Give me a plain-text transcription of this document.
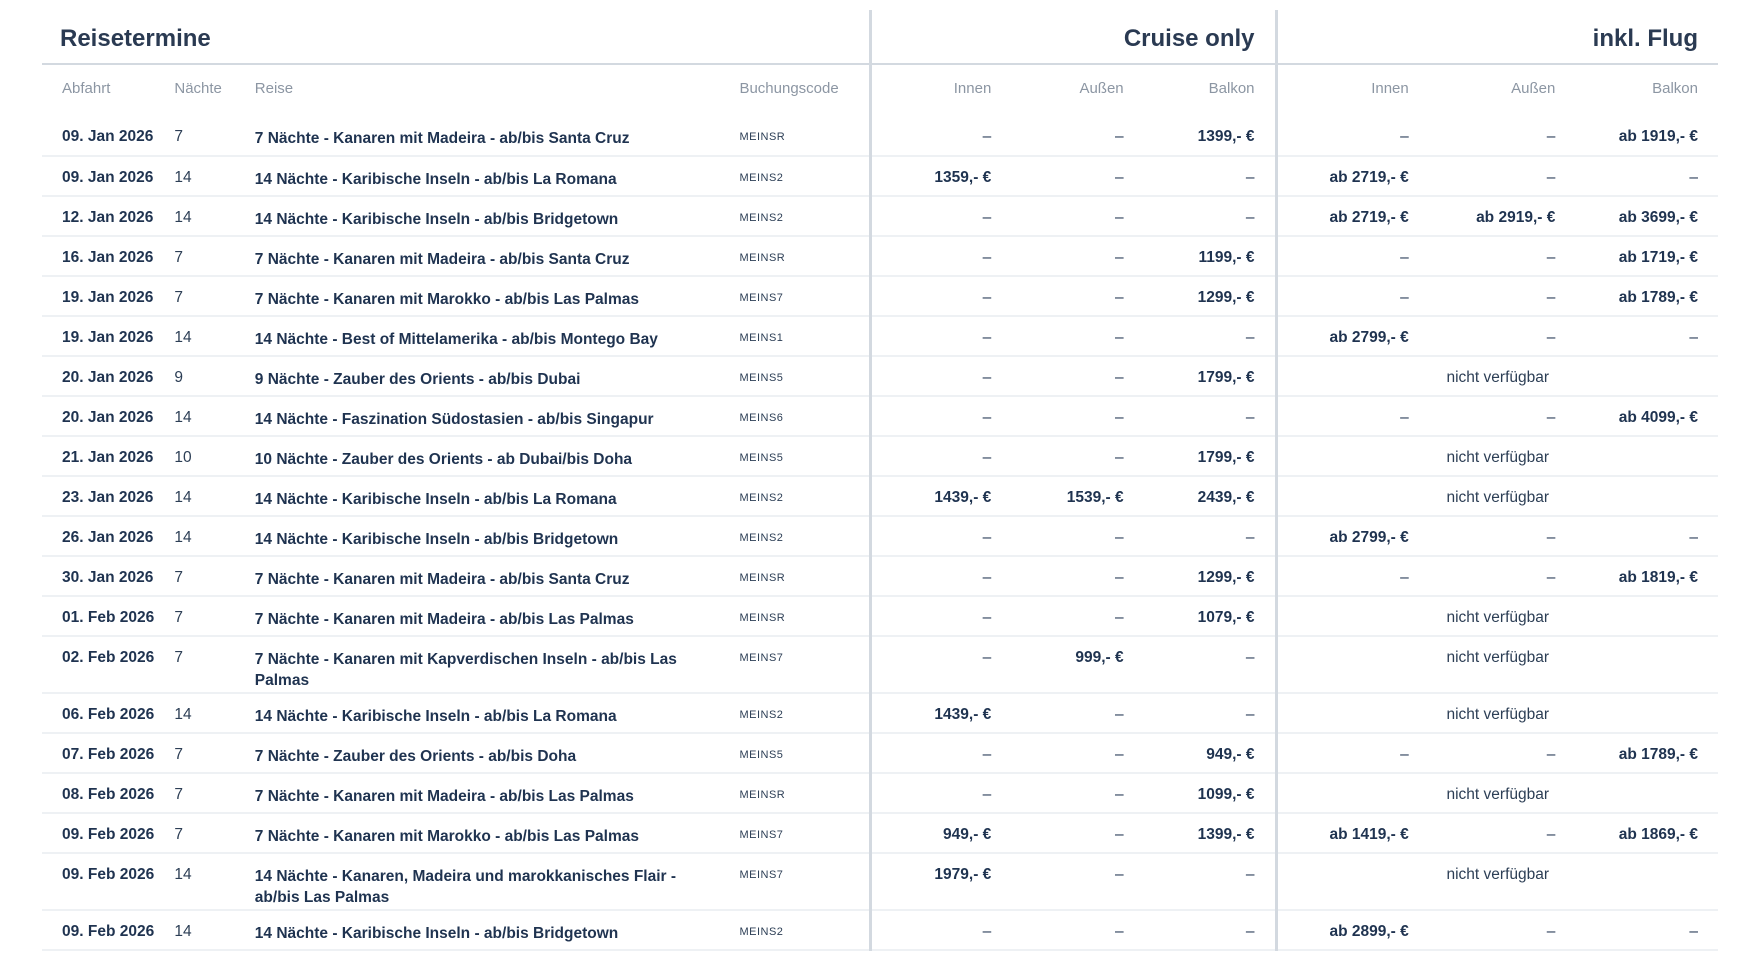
Reisetermine				Cruise only			inkl. Flug		
Abfahrt	Nächte	Reise	Buchungscode	Innen	Außen	Balkon	Innen	Außen	Balkon
09. Jan 2026	7	7 Nächte - Kanaren mit Madeira - ab/bis Santa Cruz	MEINSR	–	–	1399,- €	–	–	ab 1919,- €
09. Jan 2026	14	14 Nächte - Karibische Inseln - ab/bis La Romana	MEINS2	1359,- €	–	–	ab 2719,- €	–	–
12. Jan 2026	14	14 Nächte - Karibische Inseln - ab/bis Bridgetown	MEINS2	–	–	–	ab 2719,- €	ab 2919,- €	ab 3699,- €
16. Jan 2026	7	7 Nächte - Kanaren mit Madeira - ab/bis Santa Cruz	MEINSR	–	–	1199,- €	–	–	ab 1719,- €
19. Jan 2026	7	7 Nächte - Kanaren mit Marokko - ab/bis Las Palmas	MEINS7	–	–	1299,- €	–	–	ab 1789,- €
19. Jan 2026	14	14 Nächte - Best of Mittelamerika - ab/bis Montego Bay	MEINS1	–	–	–	ab 2799,- €	–	–
20. Jan 2026	9	9 Nächte - Zauber des Orients - ab/bis Dubai	MEINS5	–	–	1799,- €	nicht verfügbar		
20. Jan 2026	14	14 Nächte - Faszination Südostasien - ab/bis Singapur	MEINS6	–	–	–	–	–	ab 4099,- €
21. Jan 2026	10	10 Nächte - Zauber des Orients - ab Dubai/bis Doha	MEINS5	–	–	1799,- €	nicht verfügbar		
23. Jan 2026	14	14 Nächte - Karibische Inseln - ab/bis La Romana	MEINS2	1439,- €	1539,- €	2439,- €	nicht verfügbar		
26. Jan 2026	14	14 Nächte - Karibische Inseln - ab/bis Bridgetown	MEINS2	–	–	–	ab 2799,- €	–	–
30. Jan 2026	7	7 Nächte - Kanaren mit Madeira - ab/bis Santa Cruz	MEINSR	–	–	1299,- €	–	–	ab 1819,- €
01. Feb 2026	7	7 Nächte - Kanaren mit Madeira - ab/bis Las Palmas	MEINSR	–	–	1079,- €	nicht verfügbar		
02. Feb 2026	7	7 Nächte - Kanaren mit Kapverdischen Inseln - ab/bis Las Palmas	MEINS7	–	999,- €	–	nicht verfügbar		
06. Feb 2026	14	14 Nächte - Karibische Inseln - ab/bis La Romana	MEINS2	1439,- €	–	–	nicht verfügbar		
07. Feb 2026	7	7 Nächte - Zauber des Orients - ab/bis Doha	MEINS5	–	–	949,- €	–	–	ab 1789,- €
08. Feb 2026	7	7 Nächte - Kanaren mit Madeira - ab/bis Las Palmas	MEINSR	–	–	1099,- €	nicht verfügbar		
09. Feb 2026	7	7 Nächte - Kanaren mit Marokko - ab/bis Las Palmas	MEINS7	949,- €	–	1399,- €	ab 1419,- €	–	ab 1869,- €
09. Feb 2026	14	14 Nächte - Kanaren, Madeira und marokkanisches Flair - ab/bis Las Palmas	MEINS7	1979,- €	–	–	nicht verfügbar		
09. Feb 2026	14	14 Nächte - Karibische Inseln - ab/bis Bridgetown	MEINS2	–	–	–	ab 2899,- €	–	–
